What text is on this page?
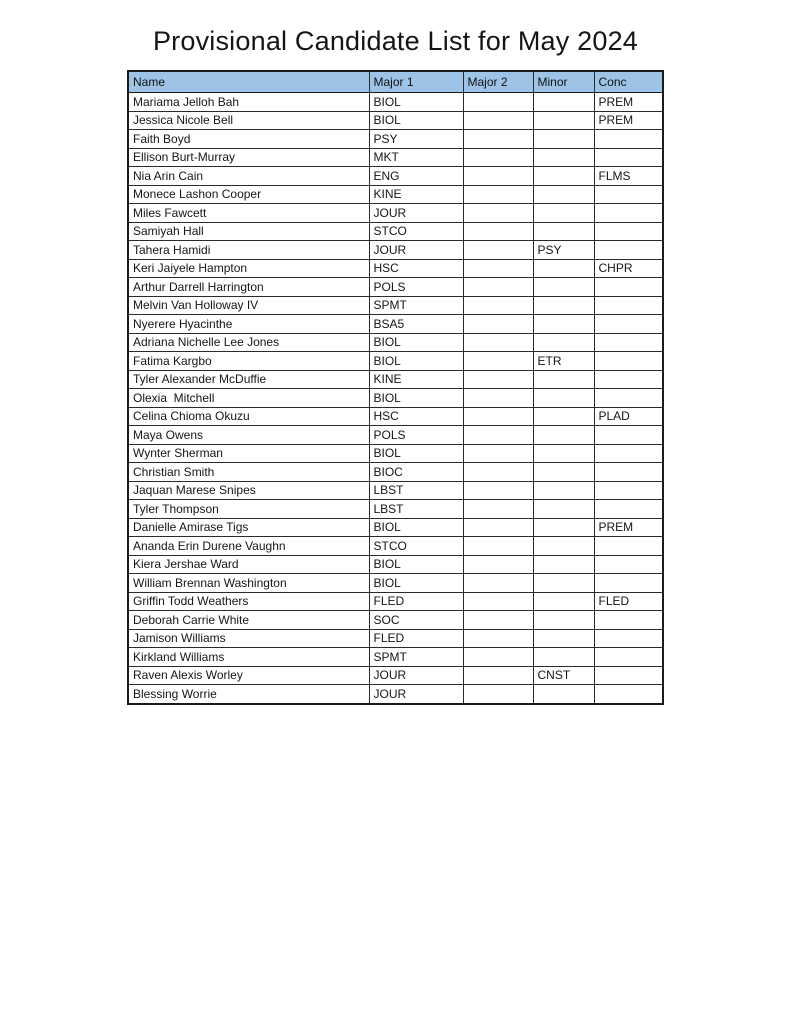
Provisional Candidate List for May 2024
Name	Major 1	Major 2	Minor	Conc
Mariama Jelloh Bah	BIOL			PREM
Jessica Nicole Bell	BIOL			PREM
Faith Boyd	PSY			
Ellison Burt-Murray	MKT			
Nia Arin Cain	ENG			FLMS
Monece Lashon Cooper	KINE			
Miles Fawcett	JOUR			
Samiyah Hall	STCO			
Tahera Hamidi	JOUR		PSY	
Keri Jaiyele Hampton	HSC			CHPR
Arthur Darrell Harrington	POLS			
Melvin Van Holloway IV	SPMT			
Nyerere Hyacinthe	BSA5			
Adriana Nichelle Lee Jones	BIOL			
Fatima Kargbo	BIOL		ETR	
Tyler Alexander McDuffie	KINE			
Olexia  Mitchell	BIOL			
Celina Chioma Okuzu	HSC			PLAD
Maya Owens	POLS			
Wynter Sherman	BIOL			
Christian Smith	BIOC			
Jaquan Marese Snipes	LBST			
Tyler Thompson	LBST			
Danielle Amirase Tigs	BIOL			PREM
Ananda Erin Durene Vaughn	STCO			
Kiera Jershae Ward	BIOL			
William Brennan Washington	BIOL			
Griffin Todd Weathers	FLED			FLED
Deborah Carrie White	SOC			
Jamison Williams	FLED			
Kirkland Williams	SPMT			
Raven Alexis Worley	JOUR		CNST	
Blessing Worrie	JOUR			
